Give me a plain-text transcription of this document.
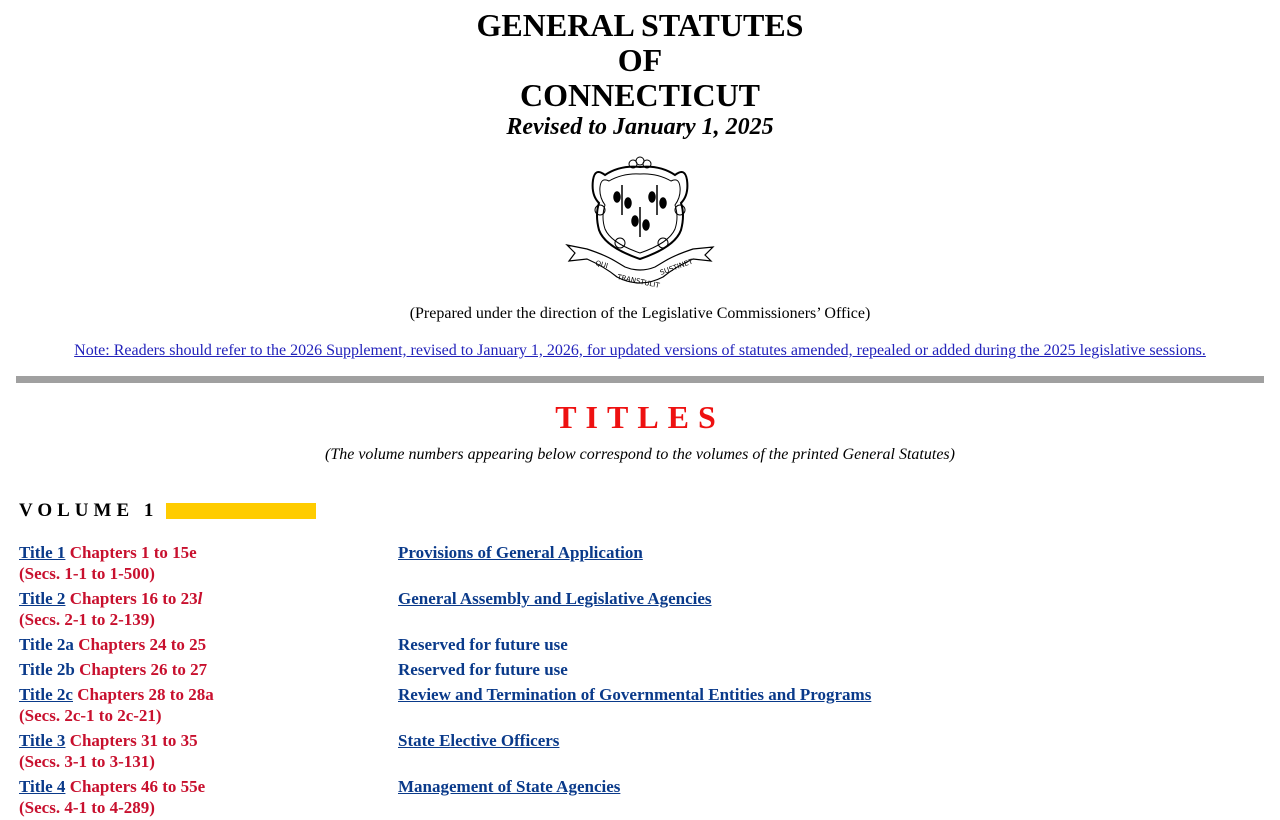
GENERAL STATUTES
OF
CONNECTICUT
Revised to January 1, 2025
QUI
TRANSTULIT
SUSTINET
(Prepared under the direction of the Legislative Commissioners’ Office)
Note: Readers should refer to the 2026 Supplement, revised to January 1, 2026, for updated versions of statutes amended, repealed or added during the 2025 legislative sessions.
TITLES
(The volume numbers appearing below correspond to the volumes of the printed General Statutes)
VOLUME 1
Title 1 Chapters 1 to 15e
(Secs. 1-1 to 1-500)
Provisions of General Application
Title 2 Chapters 16 to 23l
(Secs. 2-1 to 2-139)
General Assembly and Legislative Agencies
Title 2a Chapters 24 to 25	Reserved for future use
Title 2b Chapters 26 to 27	Reserved for future use
Title 2c Chapters 28 to 28a
(Secs. 2c-1 to 2c-21)
Review and Termination of Governmental Entities and Programs
Title 3 Chapters 31 to 35
(Secs. 3-1 to 3-131)
State Elective Officers
Title 4 Chapters 46 to 55e
(Secs. 4-1 to 4-289)
Management of State Agencies
